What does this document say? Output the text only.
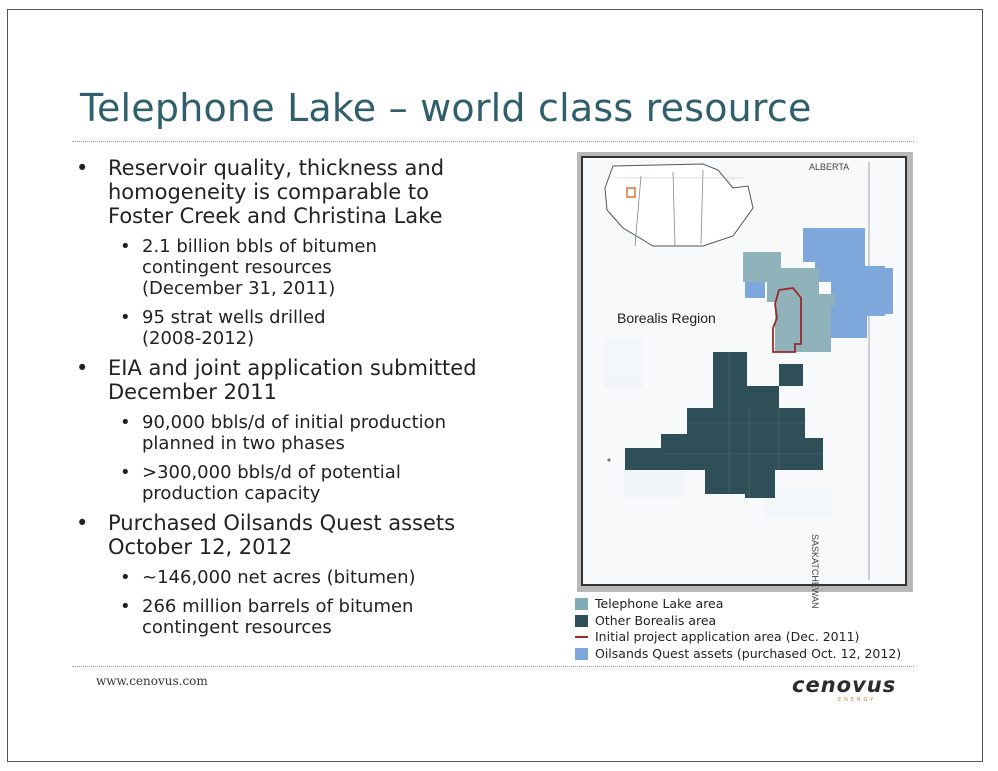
Telephone Lake – world class resource
• Reservoir quality, thickness and
homogeneity is comparable to
Foster Creek and Christina Lake
• 2.1 billion bbls of bitumen
contingent resources
(December 31, 2011)
• 95 strat wells drilled
(2008-2012)
• EIA and joint application submitted
December 2011
• 90,000 bbls/d of initial production
planned in two phases
• >300,000 bbls/d of potential
production capacity
• Purchased Oilsands Quest assets
October 12, 2012
• ~146,000 net acres (bitumen)
• 266 million barrels of bitumen
contingent resources
ALBERTA
Borealis Region
SASKATCHEWAN
Telephone Lake area
Other Borealis area
Initial project application area (Dec. 2011)
Oilsands Quest assets (purchased Oct. 12, 2012)
www.cenovus.com	cenovus
ENERGY
